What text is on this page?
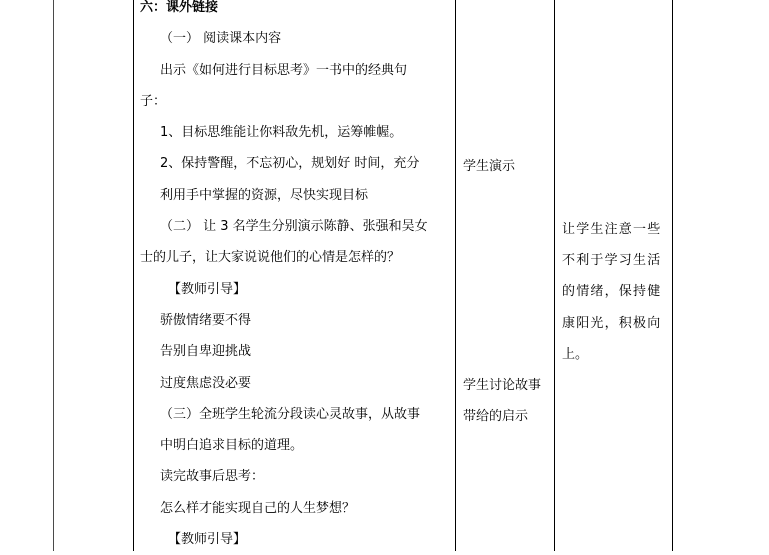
六：课外链接
（一） 阅读课本内容
出示《如何进行目标思考》一书中的经典句
子：
1、目标思维能让你料敌先机，运筹帷幄。
2、保持警醒，不忘初心，规划好 时间，充分
利用手中掌握的资源，尽快实现目标
（二） 让 3 名学生分别演示陈静、张强和吴女
士的儿子，让大家说说他们的心情是怎样的？
【教师引导】
骄傲情绪要不得
告别自卑迎挑战
过度焦虑没必要
（三）全班学生轮流分段读心灵故事，从故事
中明白追求目标的道理。
读完故事后思考：
怎么样才能实现自己的人生梦想？
【教师引导】
学生演示
学生讨论故事
带给的启示
让学生注意一些
不利于学习生活
的情绪，保持健
康阳光，积极向
上。
